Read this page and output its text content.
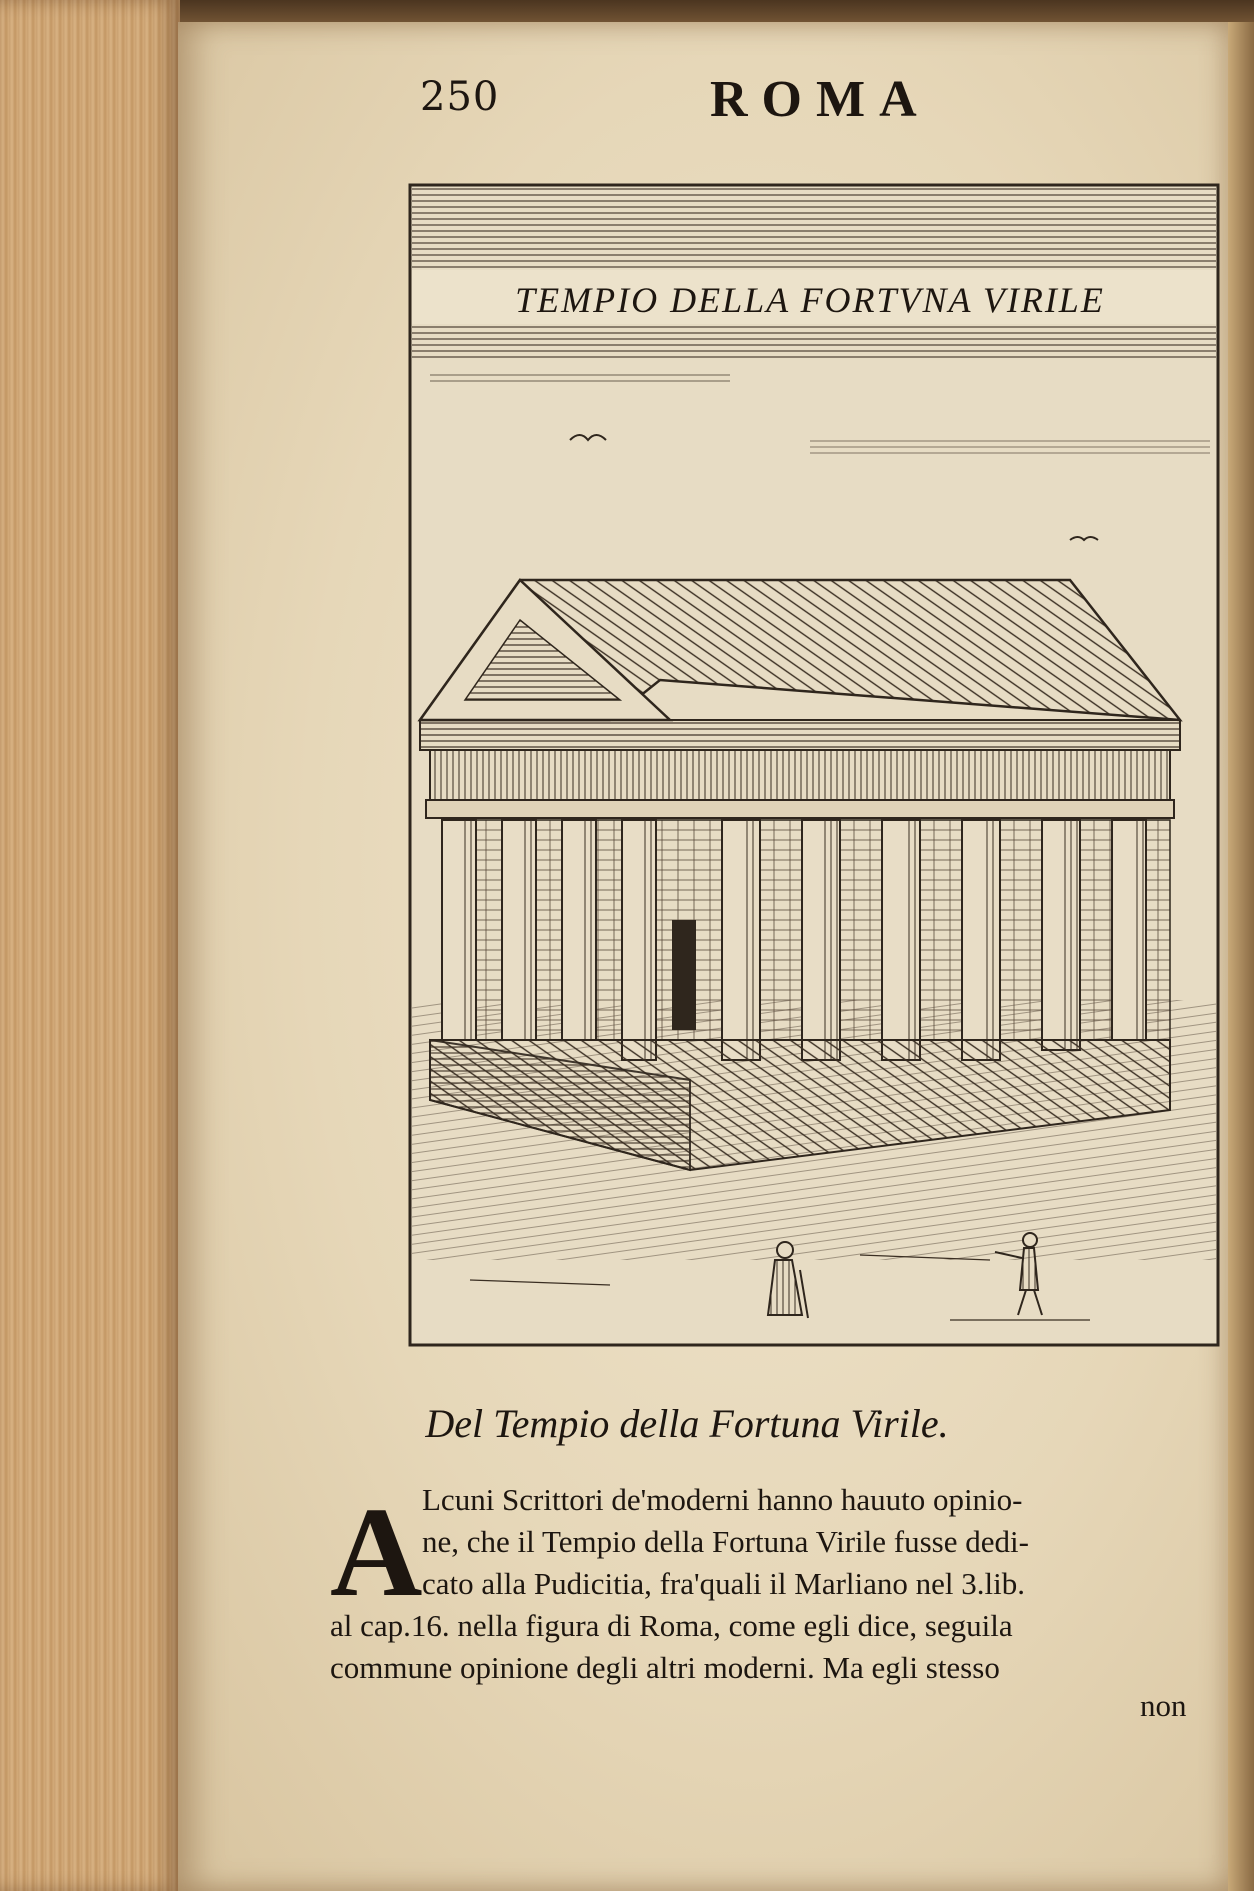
250	ROMA
TEMPIO DELLA FORTVNA VIRILE
Del Tempio della Fortuna Virile.
A Lcuni Scrittori de'moderni hanno hauuto opinio-
ne, che il Tempio della Fortuna Virile fusse dedi-
cato alla Pudicitia, fra'quali il Marliano nel 3.lib.
al cap.16. nella figura di Roma, come egli dice, seguila
commune opinione degli altri moderni. Ma egli stesso
non
